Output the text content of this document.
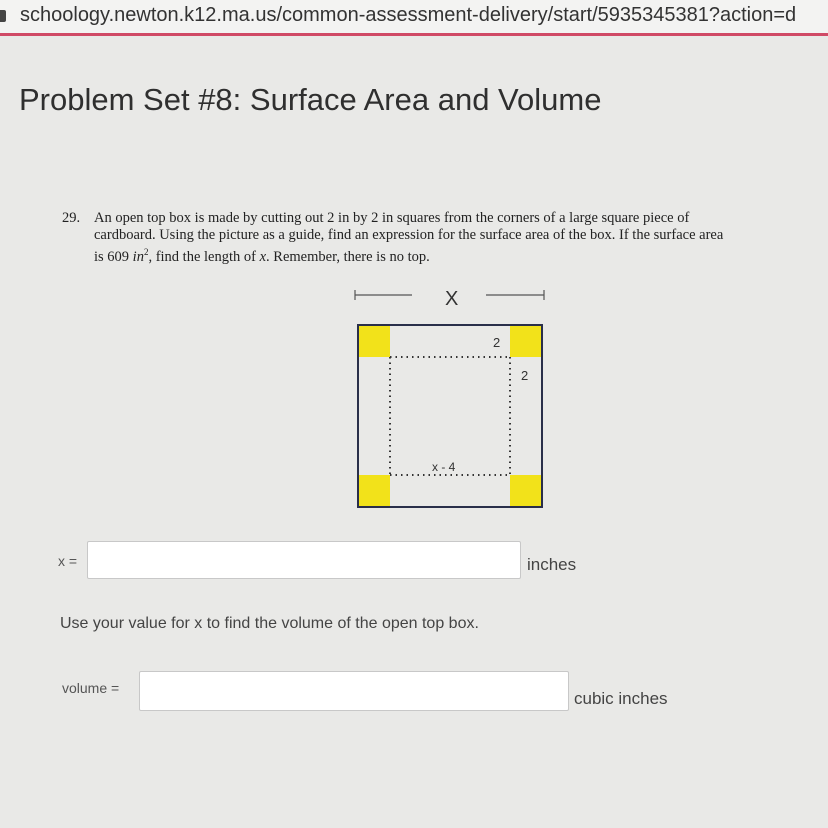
schoology.newton.k12.ma.us/common-assessment-delivery/start/5935345381?action=d
Problem Set #8: Surface Area and Volume
29. An open top box is made by cutting out 2 in by 2 in squares from the corners of a large square piece of
cardboard. Using the picture as a guide, find an expression for the surface area of the box. If the surface area
is 609 $in^2$, find the length of x. Remember, there is no top.
X
2
2
x - 4
x =	inches
Use your value for x to find the volume of the open top box.
volume =
cubic inches
